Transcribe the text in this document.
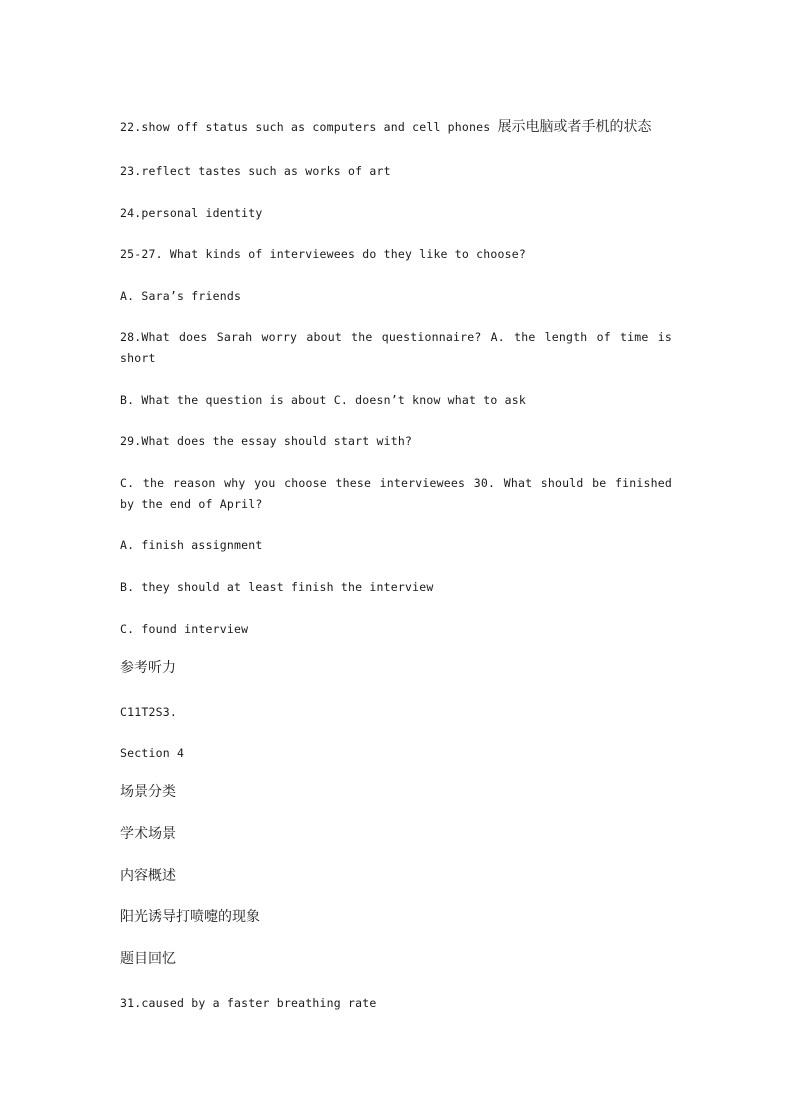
22.show off status such as computers and cell phones 展示电脑或者手机的状态
23.reflect tastes such as works of art
24.personal identity
25-27. What kinds of interviewees do they like to choose?
A. Sara’s friends
28.What does Sarah worry about the questionnaire? A. the length of time is short
B. What the question is about C. doesn’t know what to ask
29.What does the essay should start with?
C. the reason why you choose these interviewees 30. What should be finished by the end of April?
A. finish assignment
B. they should at least finish the interview
C. found interview
参考听力
C11T2S3.
Section 4
场景分类
学术场景
内容概述
阳光诱导打喷嚏的现象
题目回忆
31.caused by a faster breathing rate
